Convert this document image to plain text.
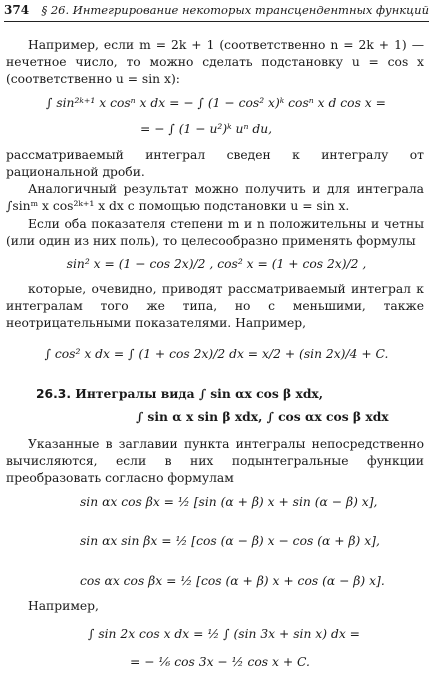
374 § 26. Интегрирование некоторых трансцендентных функций
Например, если m = 2k + 1 (соответственно n = 2k + 1) — нечетное число, то можно сделать подстановку u = cos x (соответственно u = sin x):
∫ sin²ᵏ⁺¹ x cosⁿ x dx = − ∫ (1 − cos² x)ᵏ cosⁿ x d cos x =
= − ∫ (1 − u²)ᵏ uⁿ du,
рассматриваемый интеграл сведен к интегралу от рациональной дроби.
Аналогичный результат можно получить и для интеграла ∫sinᵐ x cos²ᵏ⁺¹ x dx с помощью подстановки u = sin x.
Если оба показателя степени m и n положительны и четны (или один из них поль), то целесообразно применять формулы
sin² x = (1 − cos 2x)/2 , cos² x = (1 + cos 2x)/2 ,
которые, очевидно, приводят рассматриваемый интеграл к интегралам того же типа, но с меньшими, также неотрицательными показателями. Например,
∫ cos² x dx = ∫ (1 + cos 2x)/2 dx = x/2 + (sin 2x)/4 + C.
26.3. Интегралы вида ∫ sin αx cos β xdx,
∫ sin α x sin β xdx, ∫ cos αx cos β xdx
Указанные в заглавии пункта интегралы непосредственно вычисляются, если в них подынтегральные функции преобразовать согласно формулам
sin αx cos βx = ½ [sin (α + β) x + sin (α − β) x],
sin αx sin βx = ½ [cos (α − β) x − cos (α + β) x],
cos αx cos βx = ½ [cos (α + β) x + cos (α − β) x].
Например,
∫ sin 2x cos x dx = ½ ∫ (sin 3x + sin x) dx =
= − ⅙ cos 3x − ½ cos x + C.
